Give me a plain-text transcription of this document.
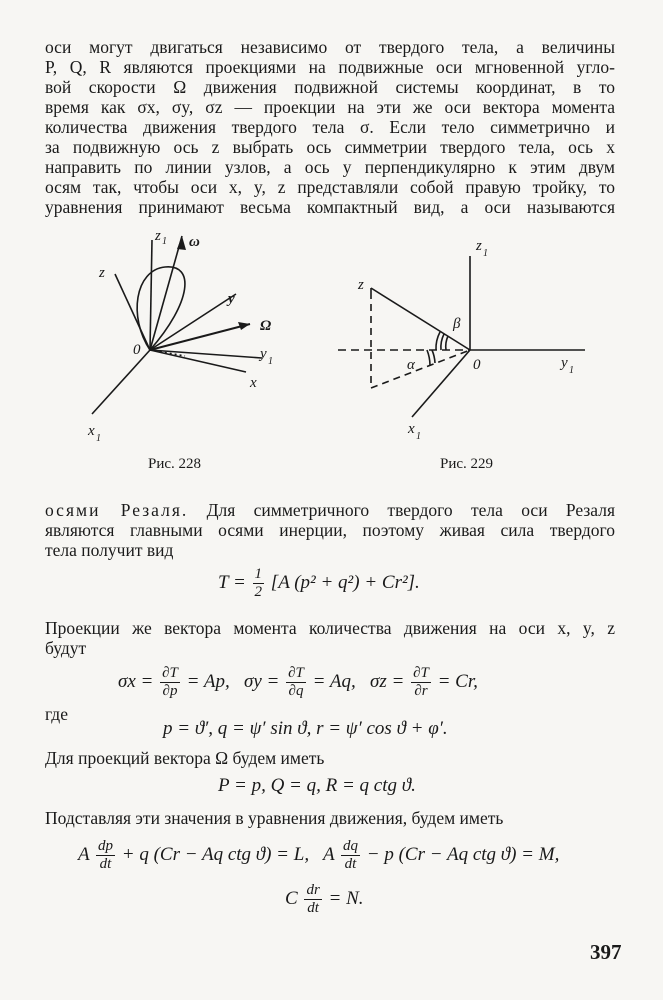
оси могут двигаться независимо от твердого тела, а величины
P, Q, R являются проекциями на подвижные оси мгновенной угло-
вой скорости Ω движения подвижной системы координат, в то
время как σx, σy, σz — проекции на эти же оси вектора момента
количества движения твердого тела σ. Если тело симметрично и
за подвижную ось z выбрать ось симметрии твердого тела, ось x
направить по линии узлов, а ось y перпендикулярно к этим двум
осям так, чтобы оси x, y, z представляли собой правую тройку, то
уравнения принимают весьма компактный вид, а оси называются
z 1 ω
z
y
Ω
0	y 1
x
x 1
Рис. 228
z 1
z
β
α	0	y 1
x 1
Рис. 229
осями Резаля. Для симметричного твердого тела оси Резаля
являются главными осями инерции, поэтому живая сила твердого
тела получит вид
$T = \frac{1}{2} [A$ (p² + q²) + Cr²].
Проекции же вектора момента количества движения на оси x, y, z
будут
$\sigma x = \frac{\partial T}{\partial p} = Ap$, $\sigma y = \frac{\partial T}{\partial q} = Aq$, $\sigma z = \frac{\partial T}{\partial r} = Cr$,
где
p = ϑ′, q = ψ′ sin ϑ, r = ψ′ cos ϑ + φ′.
Для проекций вектора Ω будем иметь
P = p, Q = q, R = q ctg ϑ.
Подставляя эти значения в уравнения движения, будем иметь
A $\frac{dp}{dt} + q$ (Cr − Aq ctg ϑ) = L, A $\frac{dq}{dt} - p$ (Cr − Aq ctg ϑ) = M,
C $\frac{dr}{dt} = N$.
397
